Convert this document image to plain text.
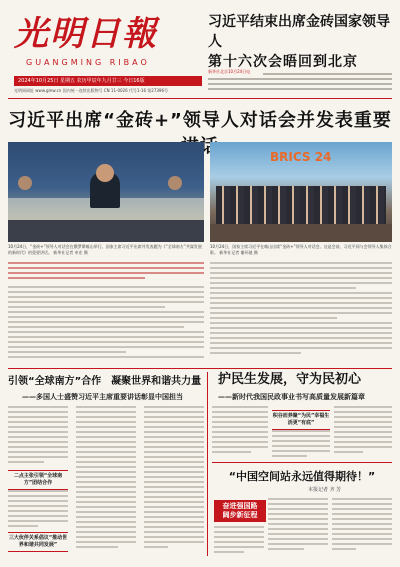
光明日報
GUANGMING RIBAO
习近平结束出席金砖国家领导人
第十六次会晤回到北京
2024年10月25日 星期五 农历甲辰年九月廿三 今日16版
光明网网址 www.gmw.cn 国内统一连续出版物号 CN 11-0026 代号1-16 第27396号
新华社北京10月24日电
习近平出席“金砖+”领导人对话会并发表重要
BRICS 24
10月24日，“金砖+”领导人对话会在俄罗斯喀山举行。国家主席习近平出席并发表题为《“全球南方”共谋发展的新时代》的重要讲话。 新华社记者 申宏 摄
10月24日，国家主席习近平在喀山出席“金砖+”领导人对话会。这是会前，习近平同与会领导人集体合影。 新华社记者 谢环驰 摄
引领“全球南方”合作　凝聚世界和谐共力量
——多国人士盛赞习近平主席重要讲话彰显中国担当
二点主张引领“全球南方”团结合作
三大伙伴关系倡议“推动世界和谐共同发展”
护民生发展，守为民初心
——新时代我国民政事业书写高质量发展新篇章
积谷而养聚“为民”幸福生活更“有底”
“中国空间站永远值得期待！”
本报记者 齐 芳
奋进强国路
阔步新征程
